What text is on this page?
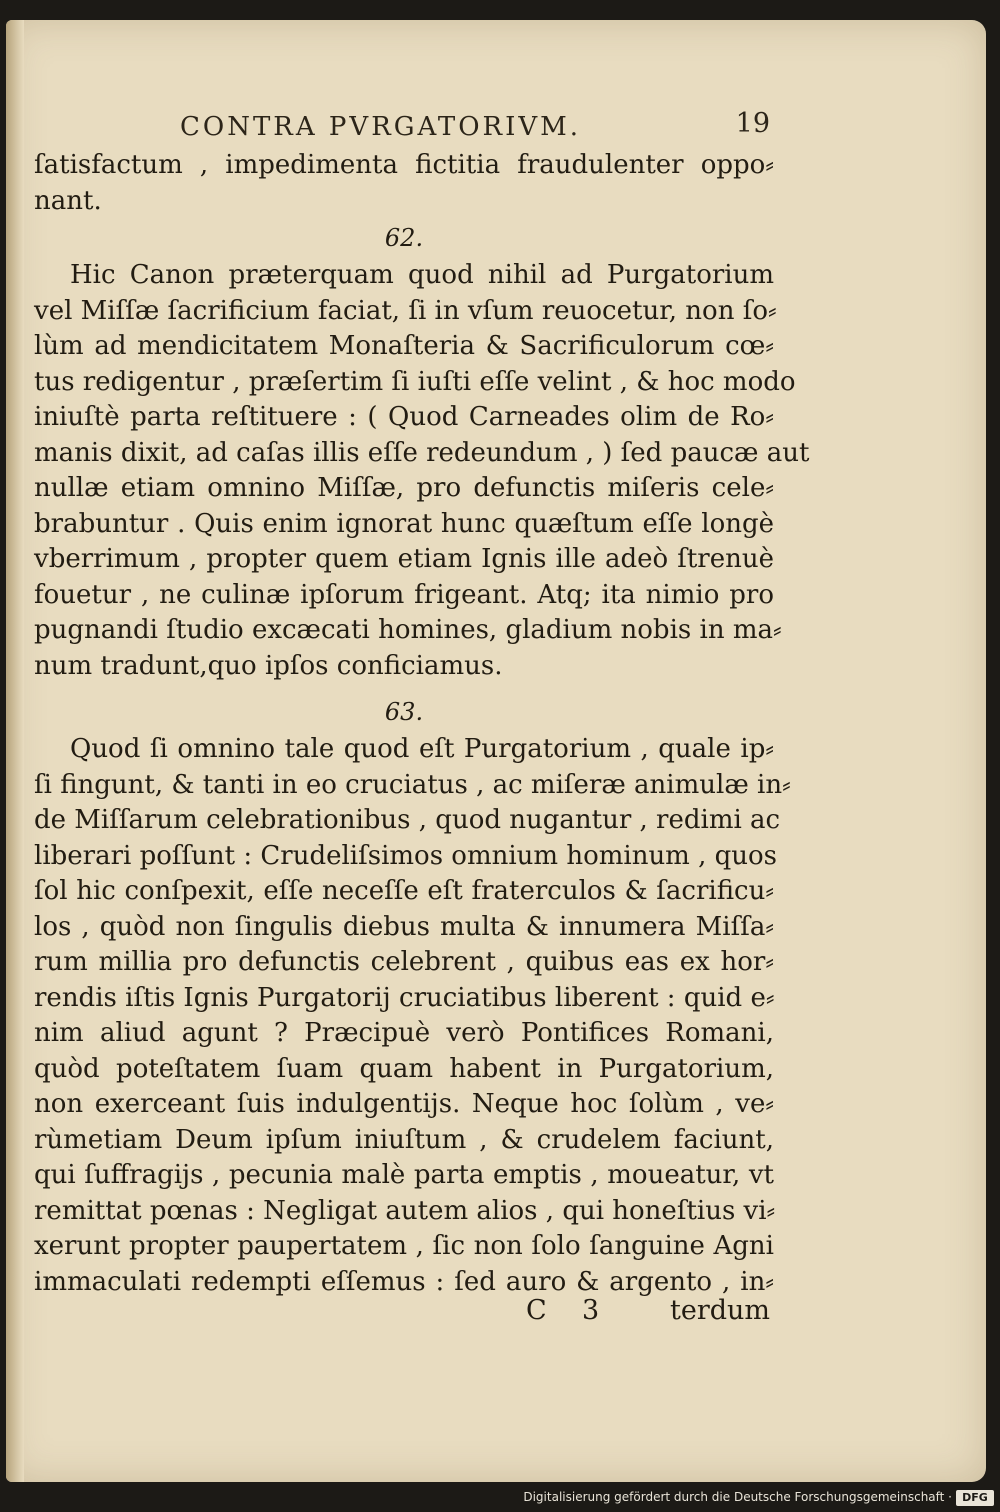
CONTRA PVRGATORIVM.	19
ſatisfactum , impedimenta fictitia fraudulenter oppo⸗
nant.
62.
Hic Canon præterquam quod nihil ad Purgatorium
vel Miſſæ ſacrificium faciat, ſi in vſum reuocetur, non ſo⸗
lùm ad mendicitatem Monaſteria & Sacrificulorum cœ⸗
tus redigentur , præſertim ſi iuſti eſſe velint , & hoc modo
iniuſtè parta reſtituere : ( Quod Carneades olim de Ro⸗
manis dixit, ad caſas illis eſſe redeundum , ) ſed paucæ aut
nullæ etiam omnino Miſſæ, pro defunctis miſeris cele⸗
brabuntur . Quis enim ignorat hunc quæſtum eſſe longè
vberrimum , propter quem etiam Ignis ille adeò ſtrenuè
fouetur , ne culinæ ipſorum frigeant. Atq; ita nimio pro
pugnandi ſtudio excæcati homines, gladium nobis in ma⸗
num tradunt,quo ipſos conficiamus.
63.
Quod ſi omnino tale quod eſt Purgatorium , quale ip⸗
ſi fingunt, & tanti in eo cruciatus , ac miſeræ animulæ in⸗
de Miſſarum celebrationibus , quod nugantur , redimi ac
liberari poſſunt : Crudeliſsimos omnium hominum , quos
ſol hic conſpexit, eſſe neceſſe eſt fraterculos & ſacrificu⸗
los , quòd non ſingulis diebus multa & innumera Miſſa⸗
rum millia pro defunctis celebrent , quibus eas ex hor⸗
rendis iſtis Ignis Purgatorij cruciatibus liberent : quid e⸗
nim aliud agunt ? Præcipuè verò Pontifices Romani,
quòd poteſtatem ſuam quam habent in Purgatorium,
non exerceant ſuis indulgentijs. Neque hoc ſolùm , ve⸗
rùmetiam Deum ipſum iniuſtum , & crudelem faciunt,
qui ſuffragijs , pecunia malè parta emptis , moueatur, vt
remittat pœnas : Negligat autem alios , qui honeſtius vi⸗
xerunt propter paupertatem , ſic non ſolo ſanguine Agni
immaculati redempti eſſemus : ſed auro & argento , in⸗
C 3	terdum
Digitalisierung gefördert durch die Deutsche Forschungsgemeinschaft · DFG
